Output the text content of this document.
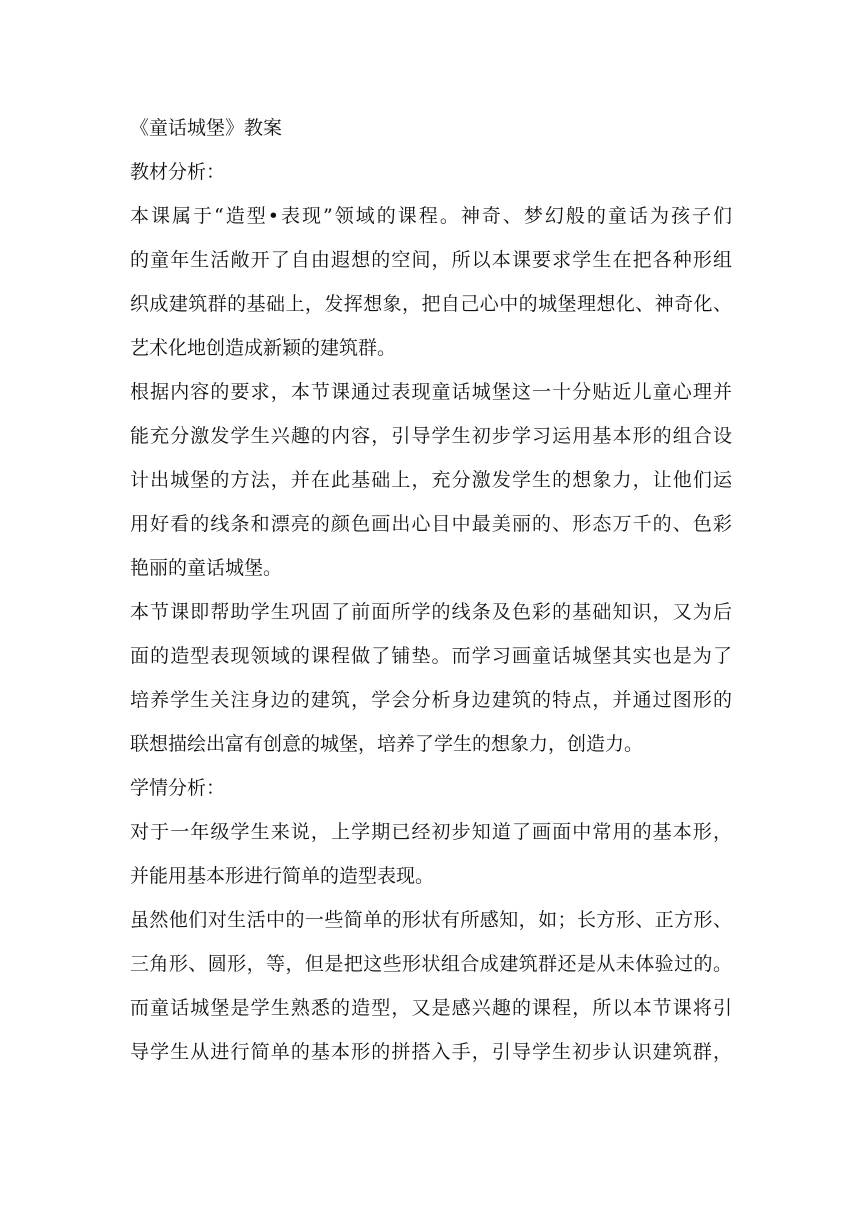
《童话城堡》教案
教材分析：
本课属于“造型•表现”领域的课程。神奇、梦幻般的童话为孩子们
的童年生活敞开了自由遐想的空间，所以本课要求学生在把各种形组
织成建筑群的基础上，发挥想象，把自己心中的城堡理想化、神奇化、
艺术化地创造成新颖的建筑群。
根据内容的要求，本节课通过表现童话城堡这一十分贴近儿童心理并
能充分激发学生兴趣的内容，引导学生初步学习运用基本形的组合设
计出城堡的方法，并在此基础上，充分激发学生的想象力，让他们运
用好看的线条和漂亮的颜色画出心目中最美丽的、形态万千的、色彩
艳丽的童话城堡。
本节课即帮助学生巩固了前面所学的线条及色彩的基础知识，又为后
面的造型表现领域的课程做了铺垫。而学习画童话城堡其实也是为了
培养学生关注身边的建筑，学会分析身边建筑的特点，并通过图形的
联想描绘出富有创意的城堡，培养了学生的想象力，创造力。
学情分析：
对于一年级学生来说，上学期已经初步知道了画面中常用的基本形，
并能用基本形进行简单的造型表现。
虽然他们对生活中的一些简单的形状有所感知，如；长方形、正方形、
三角形、圆形，等，但是把这些形状组合成建筑群还是从未体验过的。
而童话城堡是学生熟悉的造型，又是感兴趣的课程，所以本节课将引
导学生从进行简单的基本形的拼搭入手，引导学生初步认识建筑群，
